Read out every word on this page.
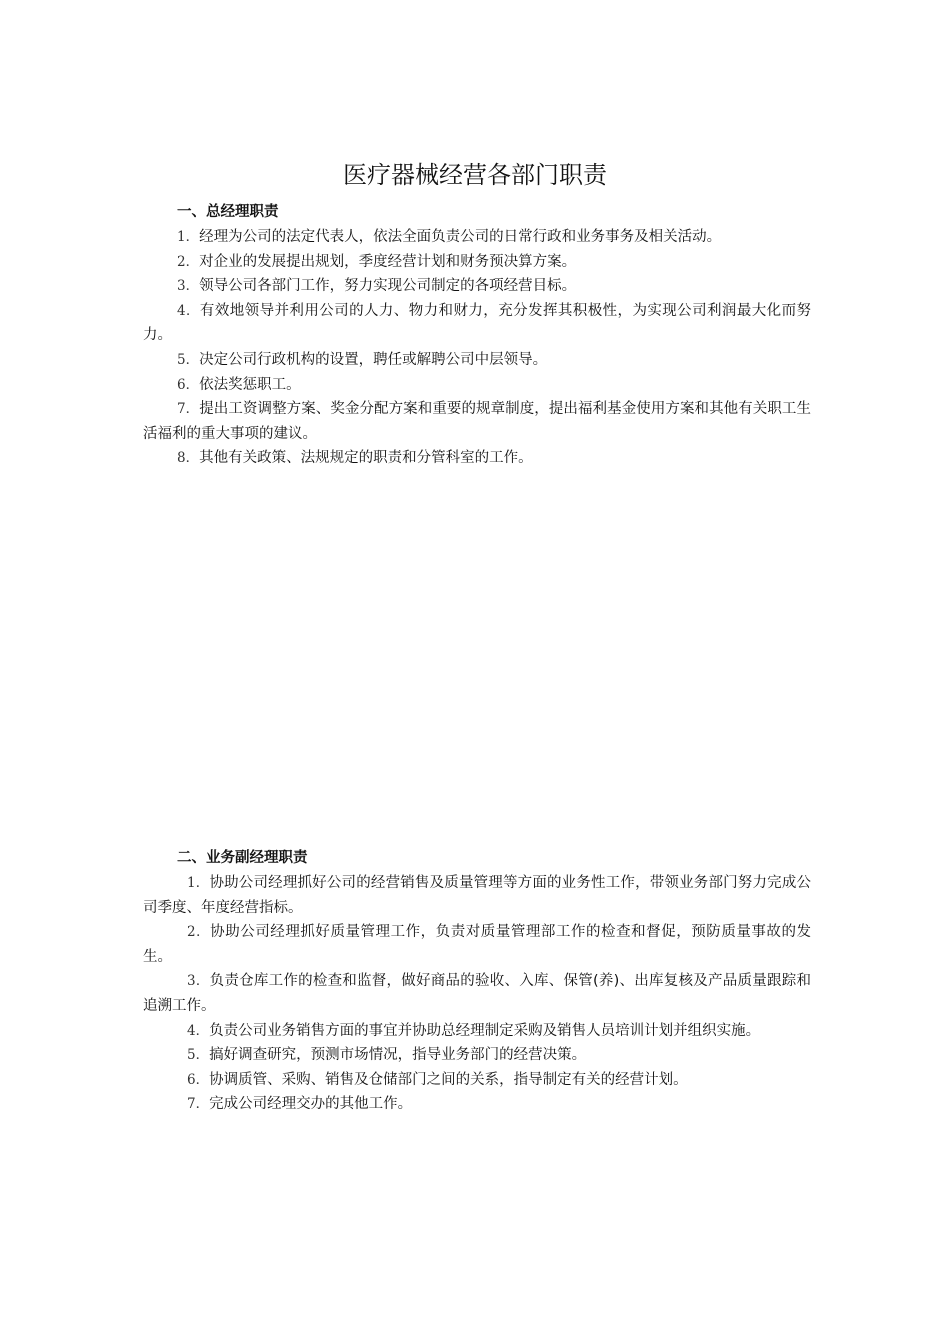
医疗器械经营各部门职责

一、总经理职责

1．经理为公司的法定代表人，依法全面负责公司的日常行政和业务事务及相关活动。

2．对企业的发展提出规划，季度经营计划和财务预决算方案。

3．领导公司各部门工作，努力实现公司制定的各项经营目标。

4．有效地领导并利用公司的人力、物力和财力，充分发挥其积极性，为实现公司利润最大化而努力。

5．决定公司行政机构的设置，聘任或解聘公司中层领导。

6．依法奖惩职工。

7．提出工资调整方案、奖金分配方案和重要的规章制度，提出福利基金使用方案和其他有关职工生活福利的重大事项的建议。

8．其他有关政策、法规规定的职责和分管科室的工作。

二、业务副经理职责

1．协助公司经理抓好公司的经营销售及质量管理等方面的业务性工作，带领业务部门努力完成公司季度、年度经营指标。

2．协助公司经理抓好质量管理工作，负责对质量管理部工作的检查和督促，预防质量事故的发生。

3．负责仓库工作的检查和监督，做好商品的验收、入库、保管(养)、出库复核及产品质量跟踪和追溯工作。

4．负责公司业务销售方面的事宜并协助总经理制定采购及销售人员培训计划并组织实施。

5．搞好调查研究，预测市场情况，指导业务部门的经营决策。

6．协调质管、采购、销售及仓储部门之间的关系，指导制定有关的经营计划。

7．完成公司经理交办的其他工作。
